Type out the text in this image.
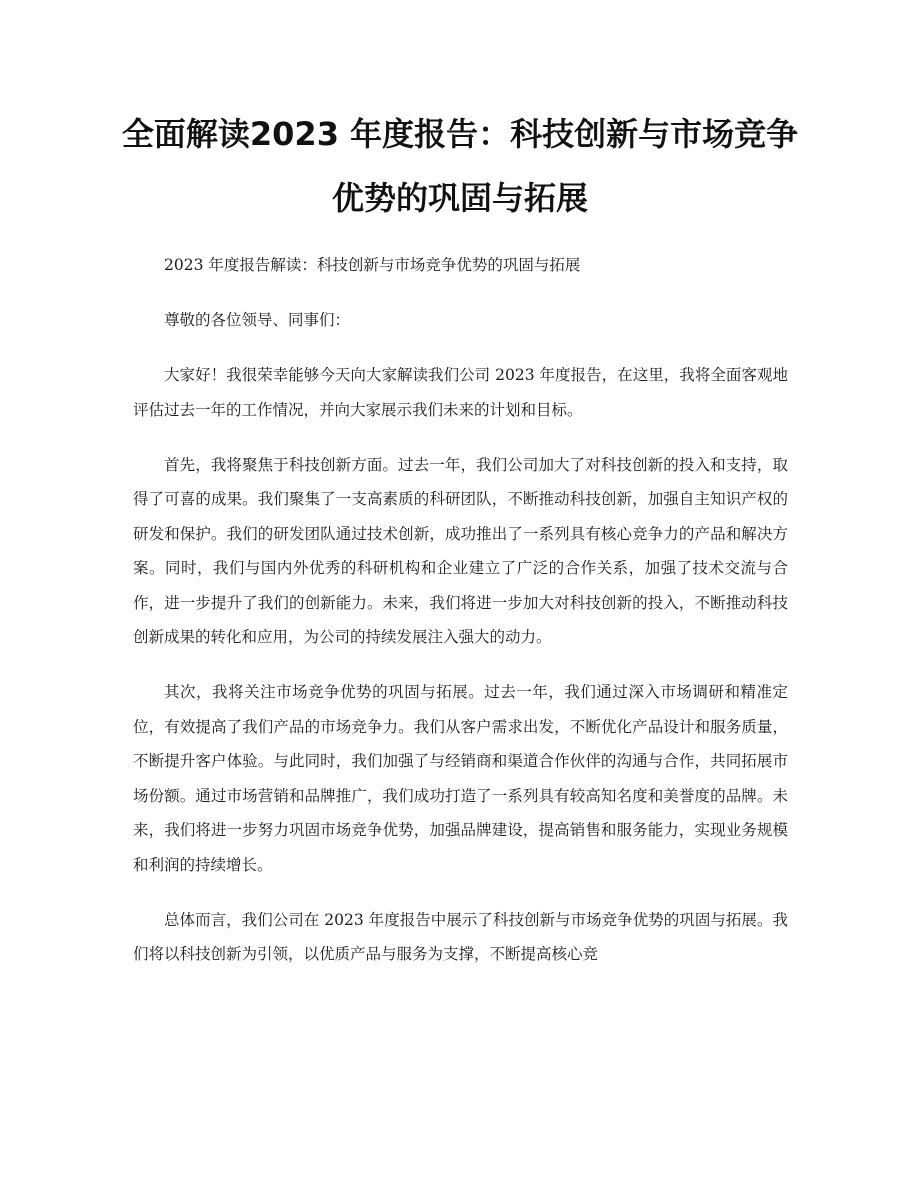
全面解读2023 年度报告：科技创新与市场竞争优势的巩固与拓展

2023 年度报告解读：科技创新与市场竞争优势的巩固与拓展

尊敬的各位领导、同事们：

大家好！我很荣幸能够今天向大家解读我们公司 2023 年度报告，在这里，我将全面客观地评估过去一年的工作情况，并向大家展示我们未来的计划和目标。

首先，我将聚焦于科技创新方面。过去一年，我们公司加大了对科技创新的投入和支持，取得了可喜的成果。我们聚集了一支高素质的科研团队，不断推动科技创新，加强自主知识产权的研发和保护。我们的研发团队通过技术创新，成功推出了一系列具有核心竞争力的产品和解决方案。同时，我们与国内外优秀的科研机构和企业建立了广泛的合作关系，加强了技术交流与合作，进一步提升了我们的创新能力。未来，我们将进一步加大对科技创新的投入，不断推动科技创新成果的转化和应用，为公司的持续发展注入强大的动力。

其次，我将关注市场竞争优势的巩固与拓展。过去一年，我们通过深入市场调研和精准定位，有效提高了我们产品的市场竞争力。我们从客户需求出发，不断优化产品设计和服务质量，不断提升客户体验。与此同时，我们加强了与经销商和渠道合作伙伴的沟通与合作，共同拓展市场份额。通过市场营销和品牌推广，我们成功打造了一系列具有较高知名度和美誉度的品牌。未来，我们将进一步努力巩固市场竞争优势，加强品牌建设，提高销售和服务能力，实现业务规模和利润的持续增长。

总体而言，我们公司在 2023 年度报告中展示了科技创新与市场竞争优势的巩固与拓展。我们将以科技创新为引领，以优质产品与服务为支撑，不断提高核心竞
